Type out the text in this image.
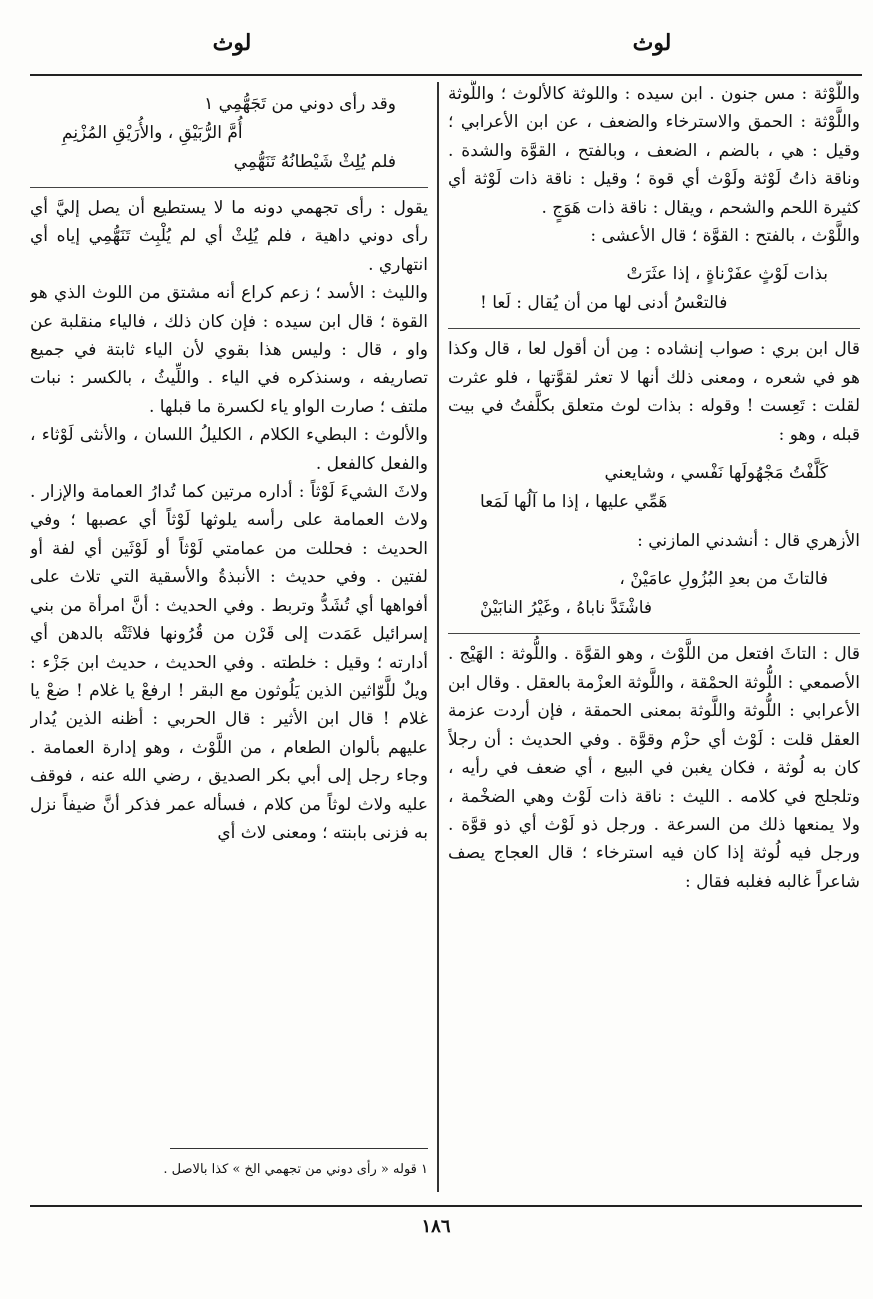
لوث	لوث

واللَّوْثة : مس جنون . ابن سيده : واللوثة كالألوث ؛ واللُّوثة واللَّوْثة : الحمق والاسترخاء والضعف ، عن ابن الأعرابي ؛ وقيل : هي ، بالضم ، الضعف ، وبالفتح ، القوَّة والشدة . وناقة ذاتُ لَوْثة ولَوْث أي قوة ؛ وقيل : ناقة ذات لَوْثة أي كثيرة اللحم والشحم ، ويقال : ناقة ذات هَوَجٍ .

واللَّوْث ، بالفتح : القوَّة ؛ قال الأعشى :

بذات لَوْثٍ عفَرْناةٍ ، إذا عثَرَتْ
فالتعْسُ أدنى لها من أن يُقال : لَعا !

قال ابن بري : صواب إنشاده : مِن أن أقول لعا ، قال وكذا هو في شعره ، ومعنى ذلك أنها لا تعثر لقوَّتها ، فلو عثرت لقلت : تَعِست ! وقوله : بذات لوث متعلق بكلَّفتُ في بيت قبله ، وهو :

كَلَّفْتُ مَجْهُولَها نَفْسي ، وشايعني
هَمِّي عليها ، إذا ما آلُها لَمَعا

الأزهري قال : أنشدني المازني :

فالتاثَ من بعدِ البُزُولِ عامَيْنْ ،
فاشْتَدَّ ناباهُ ، وغَيْرُ النابَيْنْ

قال : التاثَ افتعل من اللَّوْث ، وهو القوَّة . واللُّوثة : الهَيْج . الأصمعي : اللُّوثة الحمْقة ، واللَّوثة العزْمة بالعقل . وقال ابن الأعرابي : اللُّوثة واللَّوثة بمعنى الحمقة ، فإن أردت عزمة العقل قلت : لَوْث أي حزْم وقوَّة . وفي الحديث : أن رجلاً كان به لُوثة ، فكان يغبن في البيع ، أي ضعف في رأيه ، وتلجلج في كلامه . الليث : ناقة ذات لَوْث وهي الضخْمة ، ولا يمنعها ذلك من السرعة . ورجل ذو لَوْث أي ذو قوَّة . ورجل فيه لُوثة إذا كان فيه استرخاء ؛ قال العجاج يصف شاعراً غالبه فغلبه فقال :

وقد رأى دوني من تَجَهُّمِي ١
أُمَّ الرُّبَيْقِ ، والأُرَيْقِ المُزْنِمِ
فلم يُلِثْ شَيْطانُهُ تَنَهُّمِي

يقول : رأى تجهمي دونه ما لا يستطيع أن يصل إليَّ أي رأى دوني داهية ، فلم يُلِثْ أي لم يُلْبِث تَنَهُّمِي إياه أي انتهاري .

والليث : الأسد ؛ زعم كراع أنه مشتق من اللوث الذي هو القوة ؛ قال ابن سيده : فإن كان ذلك ، فالياء منقلبة عن واو ، قال : وليس هذا بقوي لأن الياء ثابتة في جميع تصاريفه ، وسنذكره في الياء . واللِّيثُ ، بالكسر : نبات ملتف ؛ صارت الواو ياء لكسرة ما قبلها .

والألوث : البطيء الكلام ، الكليلُ اللسان ، والأنثى لَوْثاء ، والفعل كالفعل .

ولاثَ الشيءَ لَوْثاً : أداره مرتين كما تُدارُ العمامة والإزار . ولاث العمامة على رأسه يلوثها لَوْثاً أي عصبها ؛ وفي الحديث : فحللت من عمامتي لَوْثاً أو لَوْثَين أي لفة أو لفتين . وفي حديث : الأنبذةُ والأسقية التي تلاث على أفواهها أي تُشَدُّ وتربط . وفي الحديث : أنَّ امرأة من بني إسرائيل عَمَدت إلى قَرْن من قُرُونها فلاثَتْه بالدهن أي أدارته ؛ وقيل : خلطته . وفي الحديث ، حديث ابن جَزْء : ويلٌ للَّوّاثين الذين يَلُوثون مع البقر ! ارفعْ يا غلام ! ضعْ يا غلام ! قال ابن الأثير : قال الحربي : أظنه الذين يُدار عليهم بألوان الطعام ، من اللَّوْث ، وهو إدارة العمامة . وجاء رجل إلى أبي بكر الصديق ، رضي الله عنه ، فوقف عليه ولاث لوثاً من كلام ، فسأله عمر فذكر أنَّ ضيفاً نزل به فزنى بابنته ؛ ومعنى لاث أي

١ قوله « رأى دوني من تجهمي الخ » كذا بالاصل .
١٨٦
